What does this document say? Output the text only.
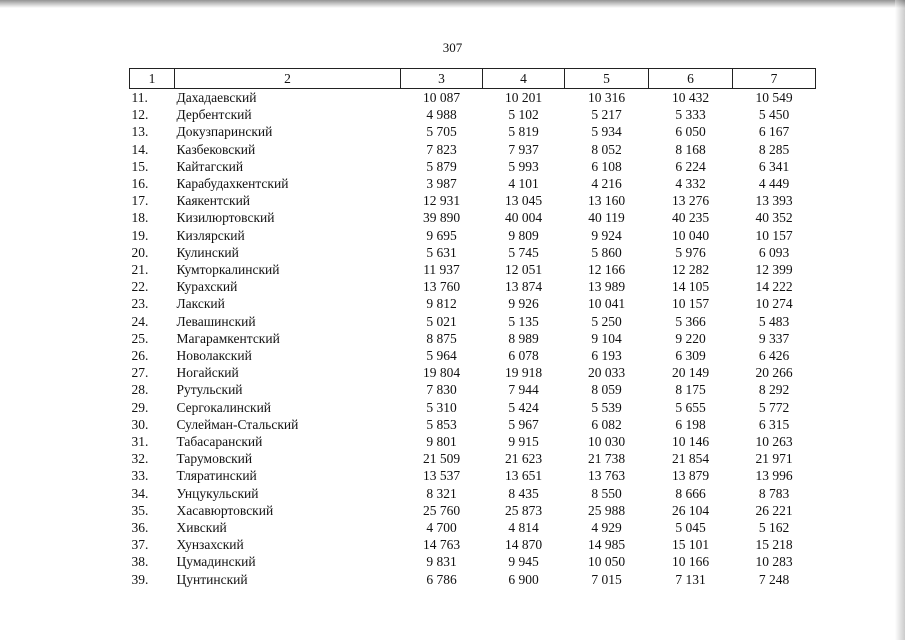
307
1	2	3	4	5	6	7
11.	Дахадаевский	10 087	10 201	10 316	10 432	10 549
12.	Дербентский	4 988	5 102	5 217	5 333	5 450
13.	Докузпаринский	5 705	5 819	5 934	6 050	6 167
14.	Казбековский	7 823	7 937	8 052	8 168	8 285
15.	Кайтагский	5 879	5 993	6 108	6 224	6 341
16.	Карабудахкентский	3 987	4 101	4 216	4 332	4 449
17.	Каякентский	12 931	13 045	13 160	13 276	13 393
18.	Кизилюртовский	39 890	40 004	40 119	40 235	40 352
19.	Кизлярский	9 695	9 809	9 924	10 040	10 157
20.	Кулинский	5 631	5 745	5 860	5 976	6 093
21.	Кумторкалинский	11 937	12 051	12 166	12 282	12 399
22.	Курахский	13 760	13 874	13 989	14 105	14 222
23.	Лакский	9 812	9 926	10 041	10 157	10 274
24.	Левашинский	5 021	5 135	5 250	5 366	5 483
25.	Магарамкентский	8 875	8 989	9 104	9 220	9 337
26.	Новолакский	5 964	6 078	6 193	6 309	6 426
27.	Ногайский	19 804	19 918	20 033	20 149	20 266
28.	Рутульский	7 830	7 944	8 059	8 175	8 292
29.	Сергокалинский	5 310	5 424	5 539	5 655	5 772
30.	Сулейман-Стальский	5 853	5 967	6 082	6 198	6 315
31.	Табасаранский	9 801	9 915	10 030	10 146	10 263
32.	Тарумовский	21 509	21 623	21 738	21 854	21 971
33.	Тляратинский	13 537	13 651	13 763	13 879	13 996
34.	Унцукульский	8 321	8 435	8 550	8 666	8 783
35.	Хасавюртовский	25 760	25 873	25 988	26 104	26 221
36.	Хивский	4 700	4 814	4 929	5 045	5 162
37.	Хунзахский	14 763	14 870	14 985	15 101	15 218
38.	Цумадинский	9 831	9 945	10 050	10 166	10 283
39.	Цунтинский	6 786	6 900	7 015	7 131	7 248
